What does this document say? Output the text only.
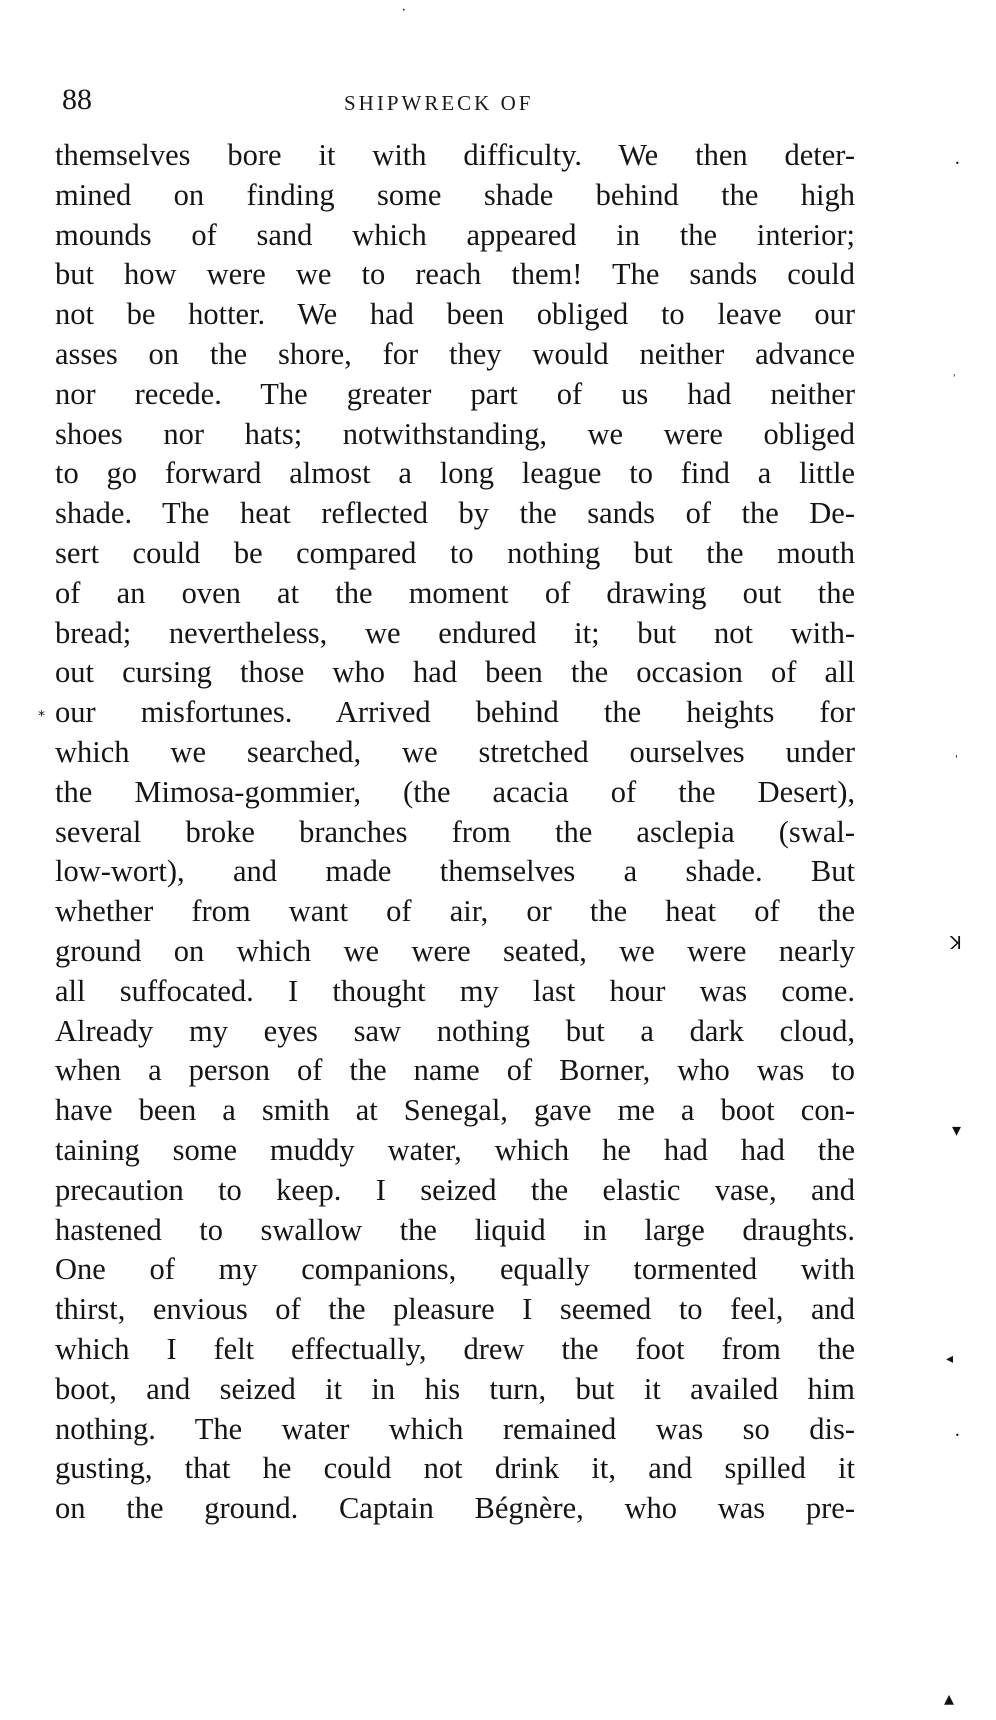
88	SHIPWRECK OF
themselves bore it with difficulty. We then deter-
mined on finding some shade behind the high
mounds of sand which appeared in the interior;
but how were we to reach them! The sands could
not be hotter. We had been obliged to leave our
asses on the shore, for they would neither advance
nor recede. The greater part of us had neither
shoes nor hats; notwithstanding, we were obliged
to go forward almost a long league to find a little
shade. The heat reflected by the sands of the De-
sert could be compared to nothing but the mouth
of an oven at the moment of drawing out the
bread; nevertheless, we endured it; but not with-
out cursing those who had been the occasion of all
our misfortunes. Arrived behind the heights for
which we searched, we stretched ourselves under
the Mimosa-gommier, (the acacia of the Desert),
several broke branches from the asclepia (swal-
low-wort), and made themselves a shade. But
whether from want of air, or the heat of the
ground on which we were seated, we were nearly
all suffocated. I thought my last hour was come.
Already my eyes saw nothing but a dark cloud,
when a person of the name of Borner, who was to
have been a smith at Senegal, gave me a boot con-
taining some muddy water, which he had had the
precaution to keep. I seized the elastic vase, and
hastened to swallow the liquid in large draughts.
One of my companions, equally tormented with
thirst, envious of the pleasure I seemed to feel, and
which I felt effectually, drew the foot from the
boot, and seized it in his turn, but it availed him
nothing. The water which remained was so dis-
gusting, that he could not drink it, and spilled it
on the ground. Captain Bégnère, who was pre-
•
˒
'
ꓘ
▾
◂
•
▴
⁎
•
